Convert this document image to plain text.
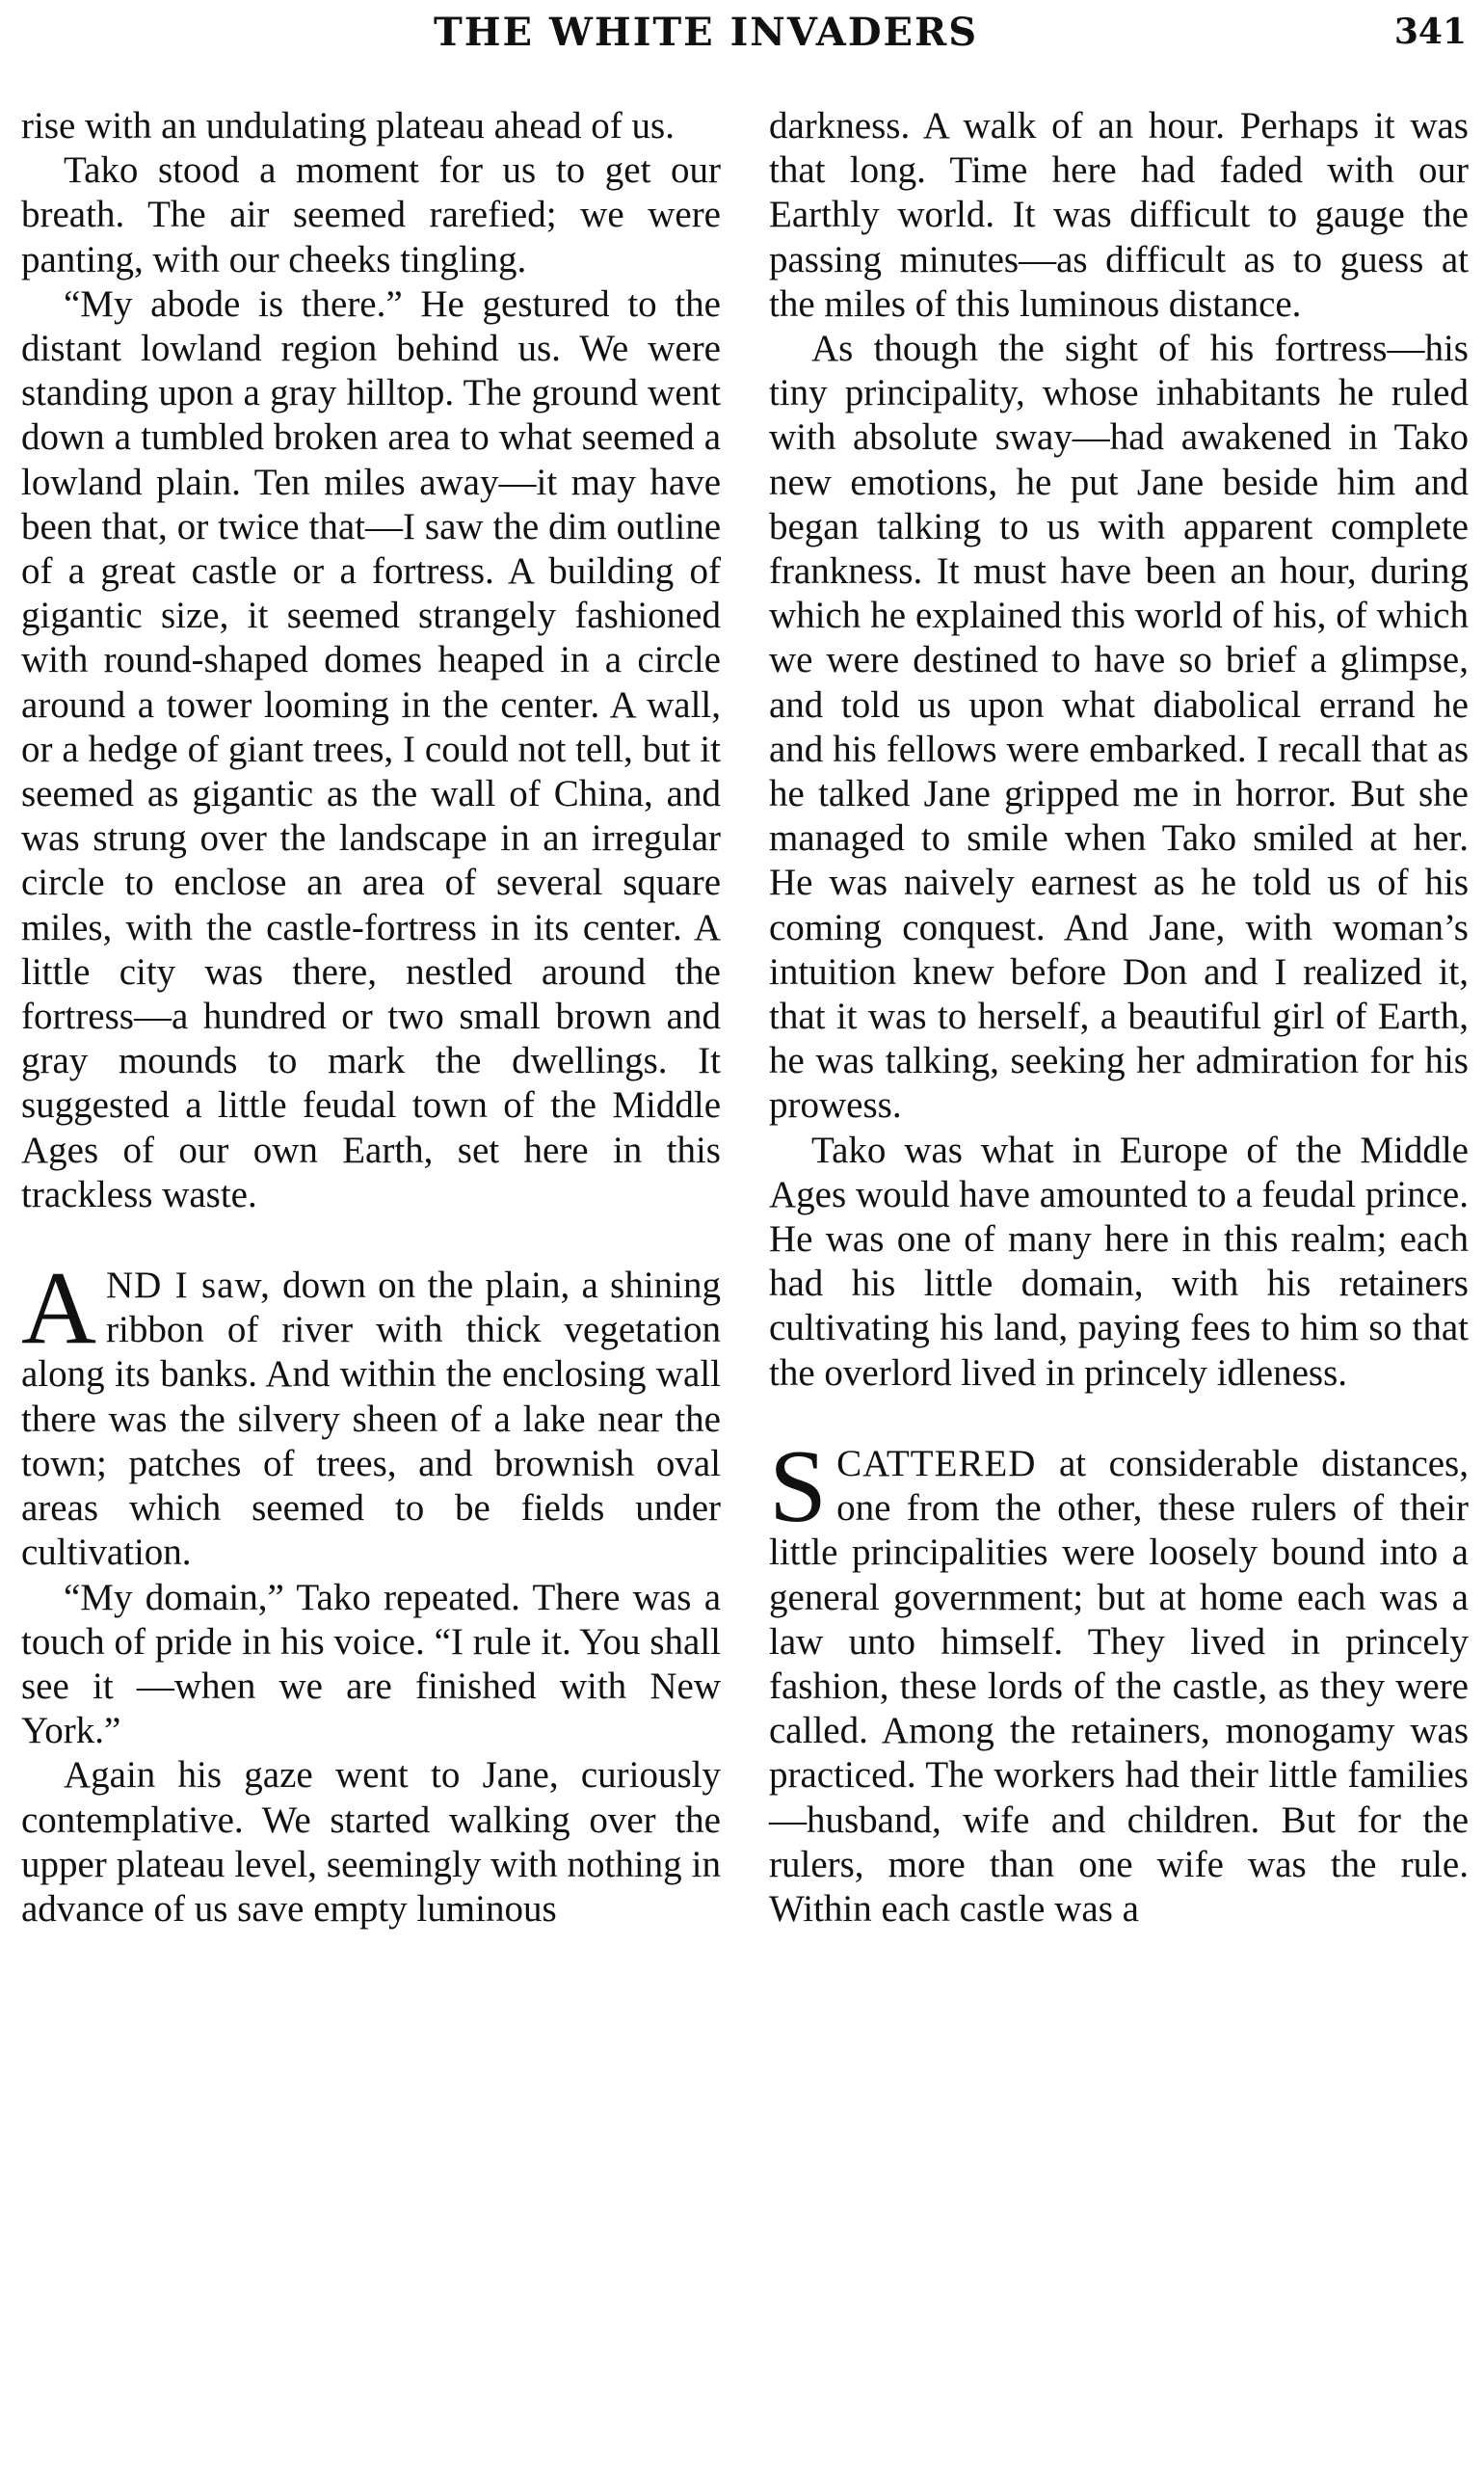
THE WHITE INVADERS	341

rise with an undulating plateau ahead of us.

Tako stood a moment for us to get our breath. The air seemed rarefied; we were panting, with our cheeks tingling.

“My abode is there.” He gestured to the distant lowland region behind us. We were standing upon a gray hilltop. The ground went down a tumbled broken area to what seemed a lowland plain. Ten miles away—it may have been that, or twice that—I saw the dim outline of a great castle or a fortress. A building of gigantic size, it seemed strangely fashioned with round-shaped domes heaped in a circle around a tower looming in the center. A wall, or a hedge of giant trees, I could not tell, but it seemed as gigantic as the wall of China, and was strung over the landscape in an irregular circle to enclose an area of several square miles, with the castle-fortress in its center. A little city was there, nestled around the fortress—a hundred or two small brown and gray mounds to mark the dwellings. It suggested a little feudal town of the Middle Ages of our own Earth, set here in this trackless waste.

AND I saw, down on the plain, a shining ribbon of river with thick vegetation along its banks. And within the enclosing wall there was the silvery sheen of a lake near the town; patches of trees, and brownish oval areas which seemed to be fields under cultivation.

“My domain,” Tako repeated. There was a touch of pride in his voice. “I rule it. You shall see it —when we are finished with New York.”

Again his gaze went to Jane, curiously contemplative. We started walking over the upper plateau level, seemingly with nothing in advance of us save empty luminous

darkness. A walk of an hour. Perhaps it was that long. Time here had faded with our Earthly world. It was difficult to gauge the passing minutes—as difficult as to guess at the miles of this luminous distance.

As though the sight of his fortress—his tiny principality, whose inhabitants he ruled with absolute sway—had awakened in Tako new emotions, he put Jane beside him and began talking to us with apparent complete frankness. It must have been an hour, during which he explained this world of his, of which we were destined to have so brief a glimpse, and told us upon what diabolical errand he and his fellows were embarked. I recall that as he talked Jane gripped me in horror. But she managed to smile when Tako smiled at her. He was naively earnest as he told us of his coming conquest. And Jane, with woman’s intuition knew before Don and I realized it, that it was to herself, a beautiful girl of Earth, he was talking, seeking her admiration for his prowess.

Tako was what in Europe of the Middle Ages would have amounted to a feudal prince. He was one of many here in this realm; each had his little domain, with his retainers cultivating his land, paying fees to him so that the overlord lived in princely idleness.

SCATTERED at considerable distances, one from the other, these rulers of their little principalities were loosely bound into a general government; but at home each was a law unto himself. They lived in princely fashion, these lords of the castle, as they were called. Among the retainers, monogamy was practiced. The workers had their little families—husband, wife and children. But for the rulers, more than one wife was the rule. Within each castle was a
